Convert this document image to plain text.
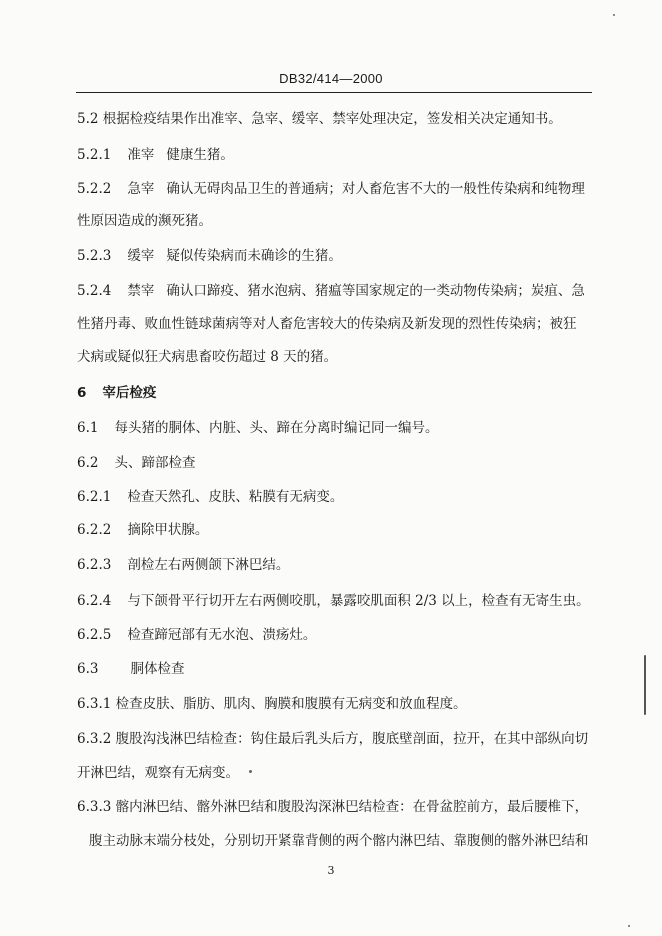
DB32/414—2000
5.2 根据检疫结果作出准宰、急宰、缓宰、禁宰处理决定，签发相关决定通知书。
5.2.1 准宰 健康生猪。
5.2.2 急宰 确认无碍肉品卫生的普通病；对人畜危害不大的一般性传染病和纯物理
性原因造成的濒死猪。
5.2.3 缓宰 疑似传染病而未确诊的生猪。
5.2.4 禁宰 确认口蹄疫、猪水泡病、猪瘟等国家规定的一类动物传染病；炭疽、急
性猪丹毒、败血性链球菌病等对人畜危害较大的传染病及新发现的烈性传染病；被狂
犬病或疑似狂犬病患畜咬伤超过 8 天的猪。
6 宰后检疫
6.1 每头猪的胴体、内脏、头、蹄在分离时编记同一编号。
6.2 头、蹄部检查
6.2.1 检查天然孔、皮肤、粘膜有无病变。
6.2.2 摘除甲状腺。
6.2.3 剖检左右两侧颌下淋巴结。
6.2.4 与下颌骨平行切开左右两侧咬肌，暴露咬肌面积 2/3 以上，检查有无寄生虫。
6.2.5 检查蹄冠部有无水泡、溃疡灶。
6.3 胴体检查
6.3.1 检查皮肤、脂肪、肌肉、胸膜和腹膜有无病变和放血程度。
6.3.2 腹股沟浅淋巴结检查：钩住最后乳头后方，腹底壁剖面，拉开，在其中部纵向切
开淋巴结，观察有无病变。
6.3.3 髂内淋巴结、髂外淋巴结和腹股沟深淋巴结检查：在骨盆腔前方，最后腰椎下，
腹主动脉末端分枝处，分别切开紧靠背侧的两个髂内淋巴结、靠腹侧的髂外淋巴结和
3
